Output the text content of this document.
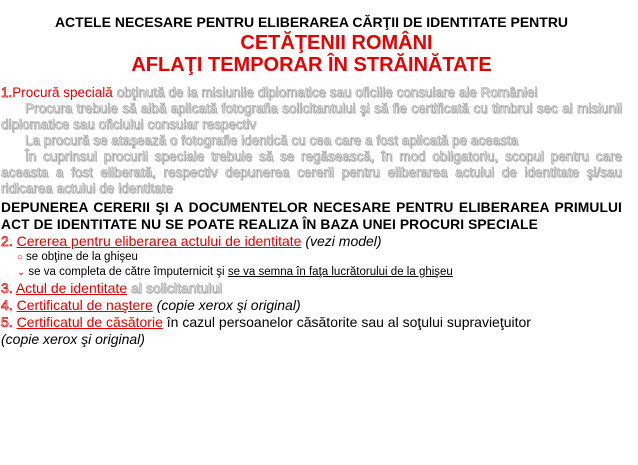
ACTELE NECESARE PENTRU ELIBERAREA CĂRŢII DE IDENTITATE PENTRU
CETĂŢENII ROMÂNI
AFLAŢI TEMPORAR ÎN STRĂINĂTATE
1.Procură specială obţinută de la misiunile diplomatice sau oficiile consulare ale României
Procura trebuie să aibă aplicată fotografia solicitantului şi să fie certificată cu timbrul sec al misiunii diplomatice sau oficiului consular respectiv
La procură se ataşează o fotografie identică cu cea care a fost aplicată pe aceasta
În cuprinsul procurii speciale trebuie să se regăsească, în mod obligatoriu, scopul pentru care aceasta a fost eliberată, respectiv depunerea cererii pentru eliberarea actului de identitate şi/sau ridicarea actului de identitate
DEPUNEREA CERERII ŞI A DOCUMENTELOR NECESARE PENTRU ELIBERAREA PRIMULUI ACT DE IDENTITATE NU SE POATE REALIZA ÎN BAZA UNEI PROCURI SPECIALE
2. Cererea pentru eliberarea actului de identitate (vezi model)
○ se obţine de la ghişeu
⌄ se va completa de către împuternicit şi se va semna în faţa lucrătorului de la ghişeu
3. Actul de identitate al solicitantului
4. Certificatul de naştere (copie xerox şi original)
5. Certificatul de căsătorie în cazul persoanelor căsătorite sau al soţului supravieţuitor
(copie xerox şi original)
